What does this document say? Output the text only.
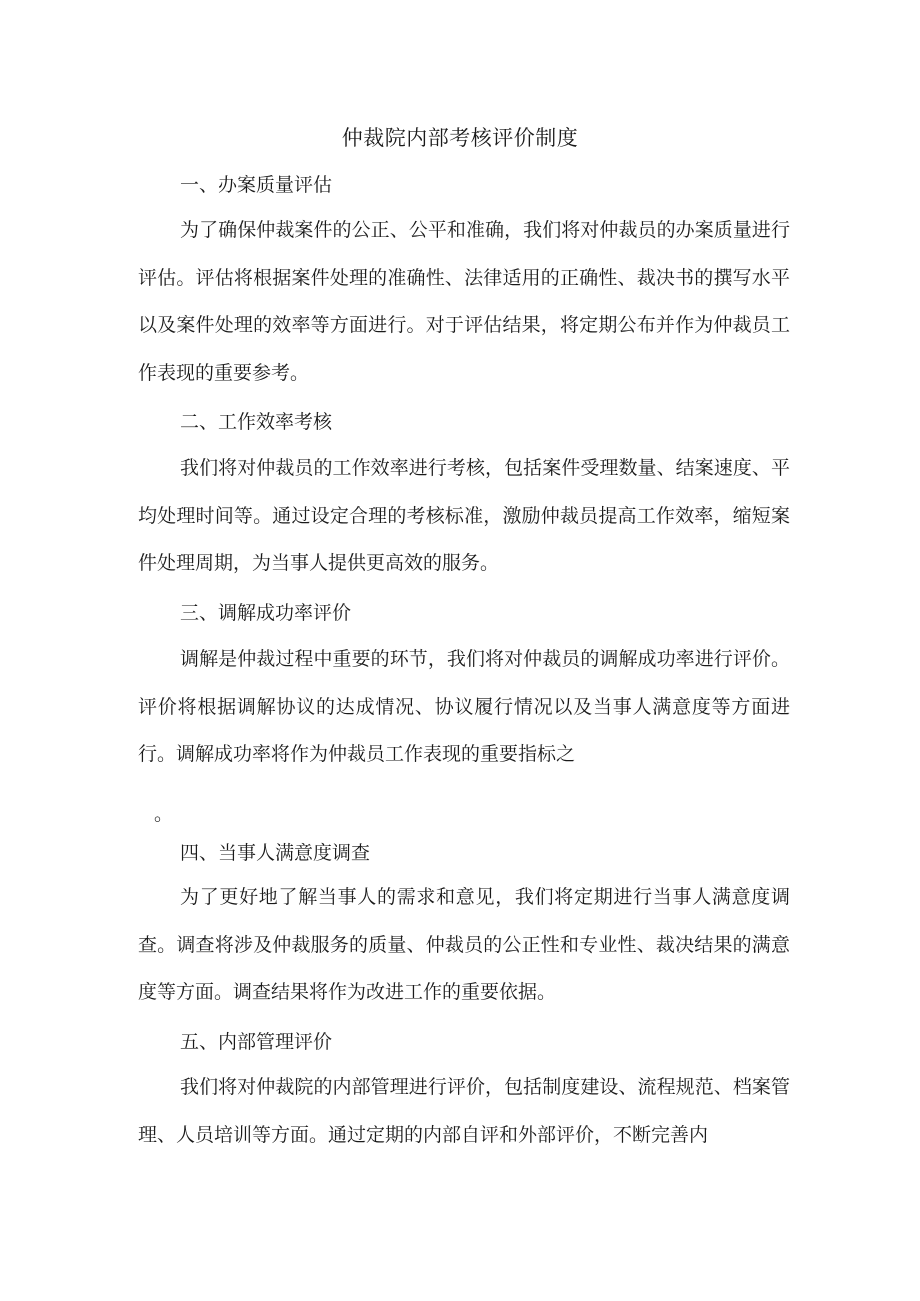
仲裁院内部考核评价制度
一、办案质量评估

为了确保仲裁案件的公正、公平和准确，我们将对仲裁员的办案质量进行评估。评估将根据案件处理的准确性、法律适用的正确性、裁决书的撰写水平以及案件处理的效率等方面进行。对于评估结果，将定期公布并作为仲裁员工作表现的重要参考。

二、工作效率考核

我们将对仲裁员的工作效率进行考核，包括案件受理数量、结案速度、平均处理时间等。通过设定合理的考核标准，激励仲裁员提高工作效率，缩短案件处理周期，为当事人提供更高效的服务。

三、调解成功率评价

调解是仲裁过程中重要的环节，我们将对仲裁员的调解成功率进行评价。评价将根据调解协议的达成情况、协议履行情况以及当事人满意度等方面进行。调解成功率将作为仲裁员工作表现的重要指标之

。
四、当事人满意度调查

为了更好地了解当事人的需求和意见，我们将定期进行当事人满意度调查。调查将涉及仲裁服务的质量、仲裁员的公正性和专业性、裁决结果的满意度等方面。调查结果将作为改进工作的重要依据。

五、内部管理评价

我们将对仲裁院的内部管理进行评价，包括制度建设、流程规范、档案管理、人员培训等方面。通过定期的内部自评和外部评价，不断完善内
